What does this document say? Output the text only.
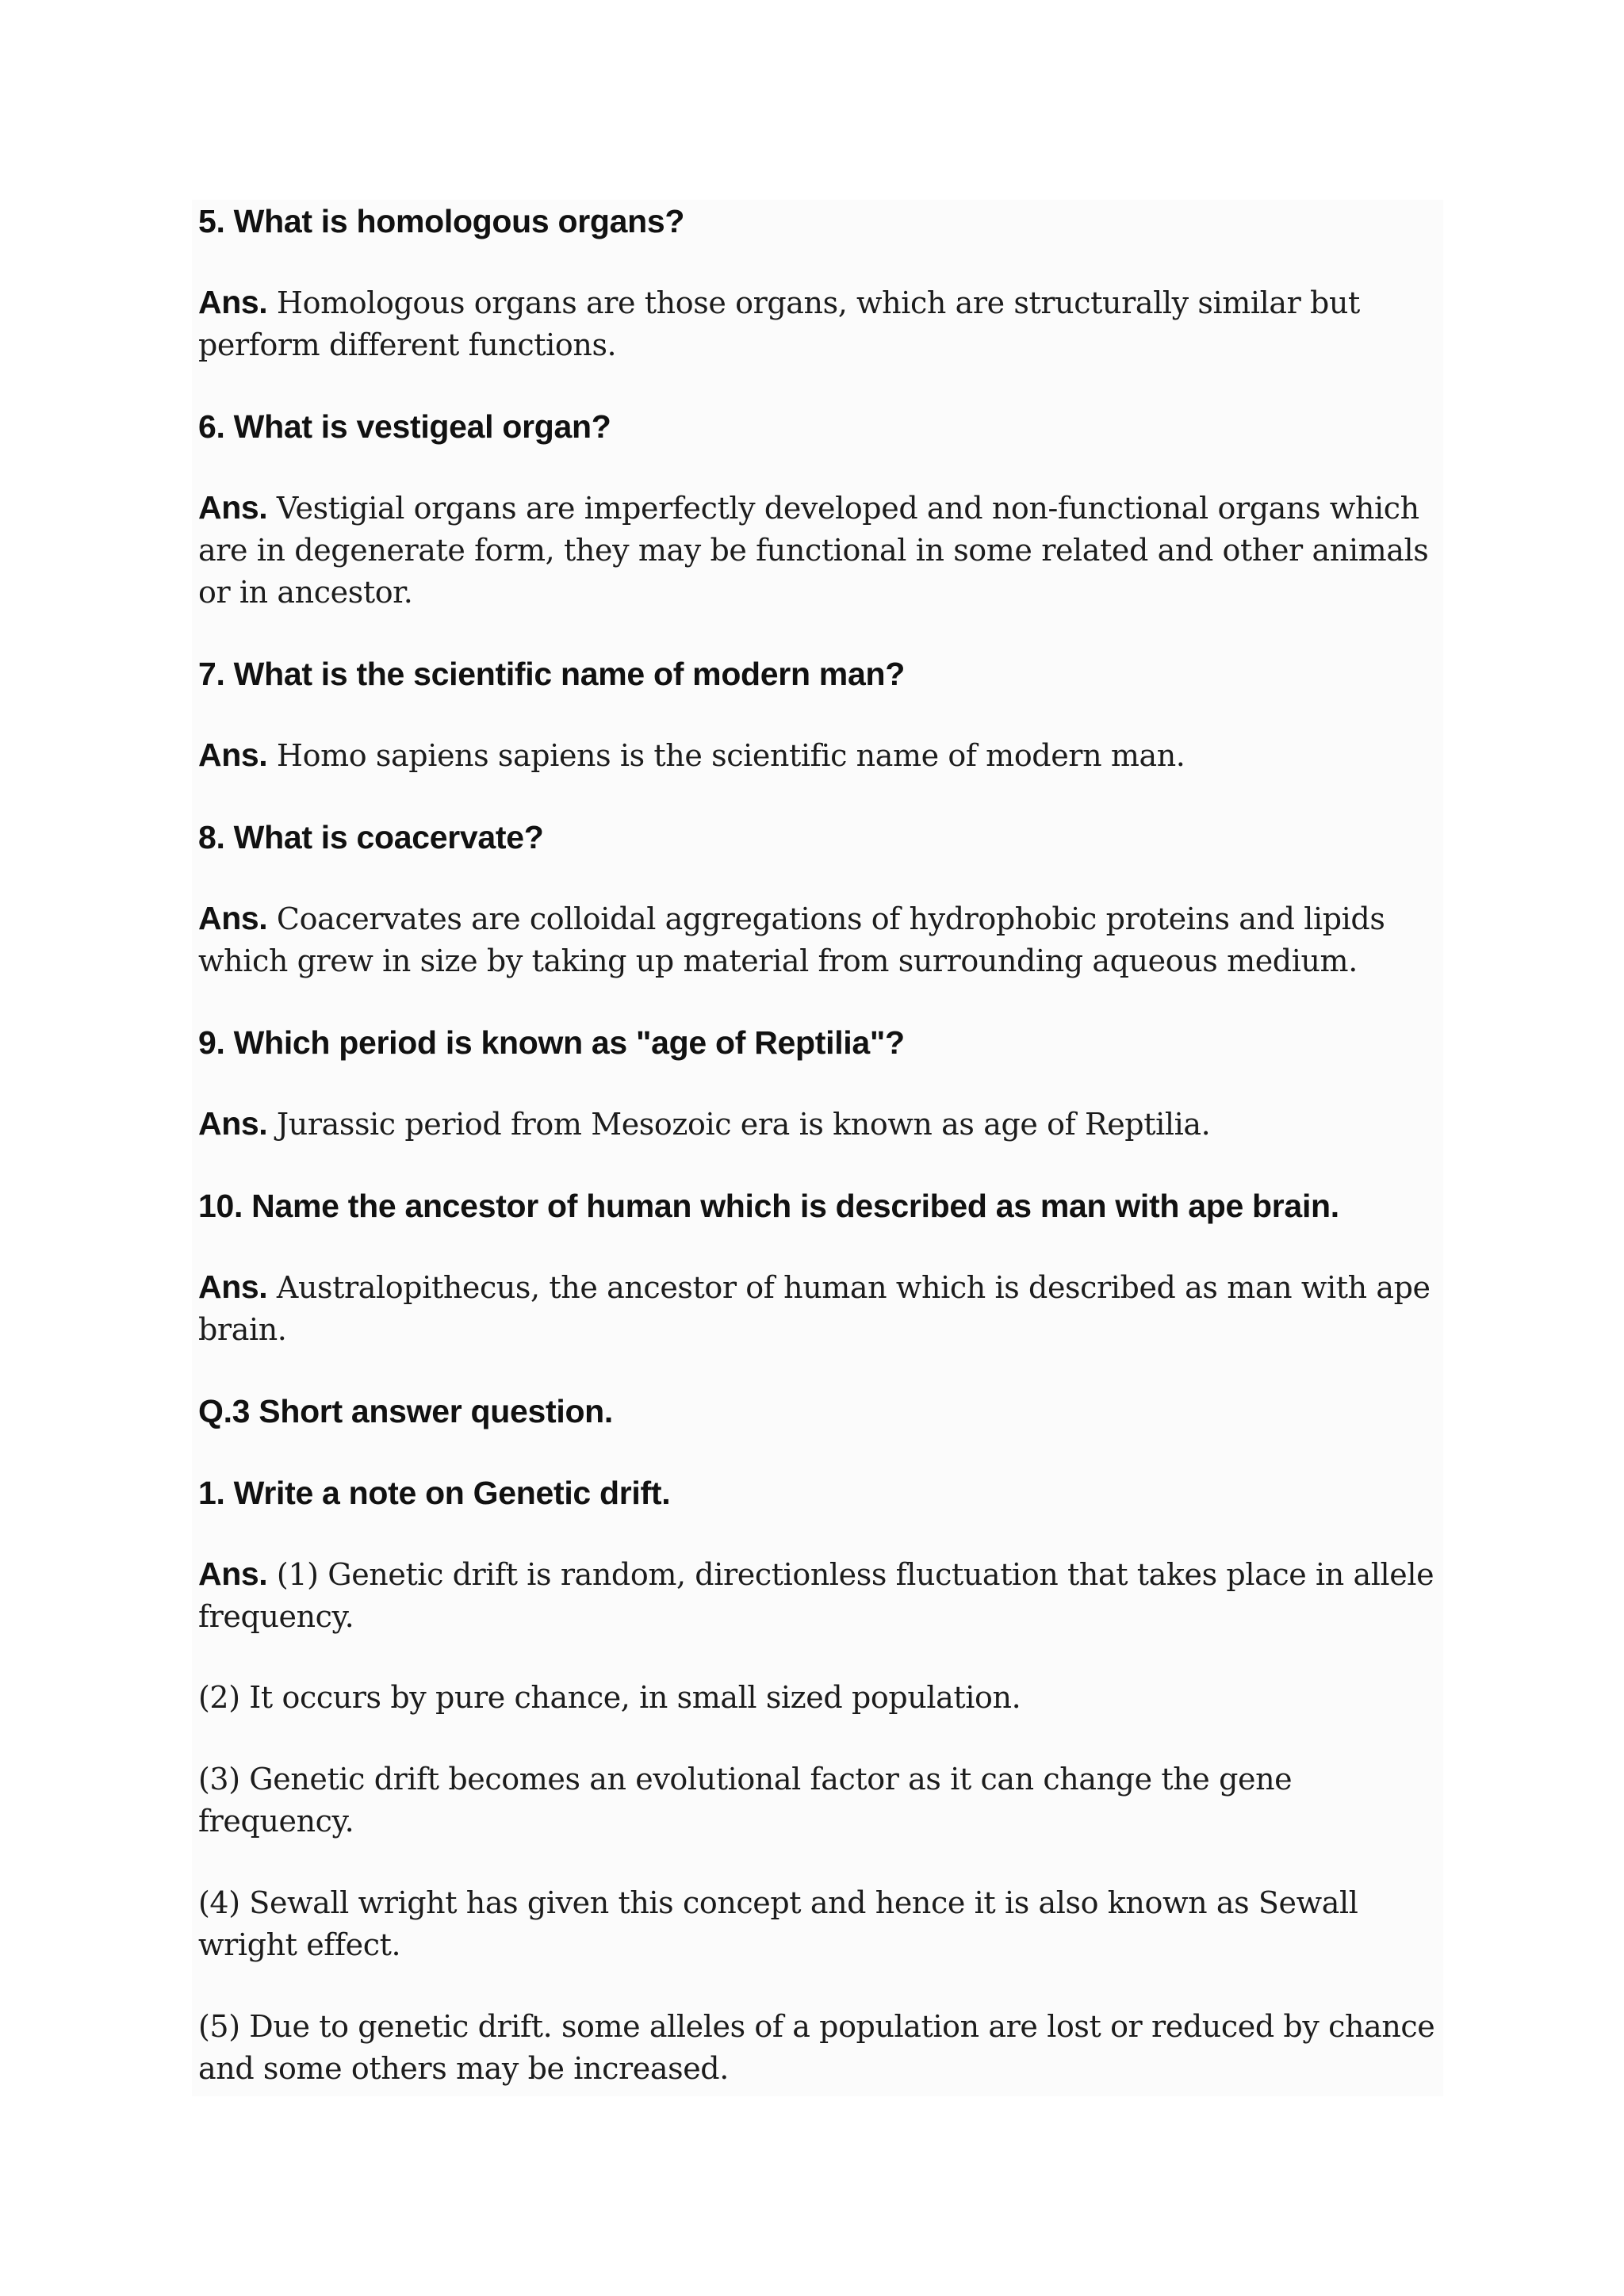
5. What is homologous organs?
Ans. Homologous organs are those organs, which are structurally similar but perform different functions.
6. What is vestigeal organ?
Ans. Vestigial organs are imperfectly developed and non-functional organs which are in degenerate form, they may be functional in some related and other animals or in ancestor.
7. What is the scientific name of modern man?
Ans. Homo sapiens sapiens is the scientific name of modern man.
8. What is coacervate?
Ans. Coacervates are colloidal aggregations of hydrophobic proteins and lipids which grew in size by taking up material from surrounding aqueous medium.
9. Which period is known as "age of Reptilia"?
Ans. Jurassic period from Mesozoic era is known as age of Reptilia.
10. Name the ancestor of human which is described as man with ape brain.
Ans. Australopithecus, the ancestor of human which is described as man with ape brain.
Q.3 Short answer question.
1. Write a note on Genetic drift.
Ans. (1) Genetic drift is random, directionless fluctuation that takes place in allele frequency.
(2) It occurs by pure chance, in small sized population.
(3) Genetic drift becomes an evolutional factor as it can change the gene frequency.
(4) Sewall wright has given this concept and hence it is also known as Sewall wright effect.
(5) Due to genetic drift. some alleles of a population are lost or reduced by chance and some others may be increased.
